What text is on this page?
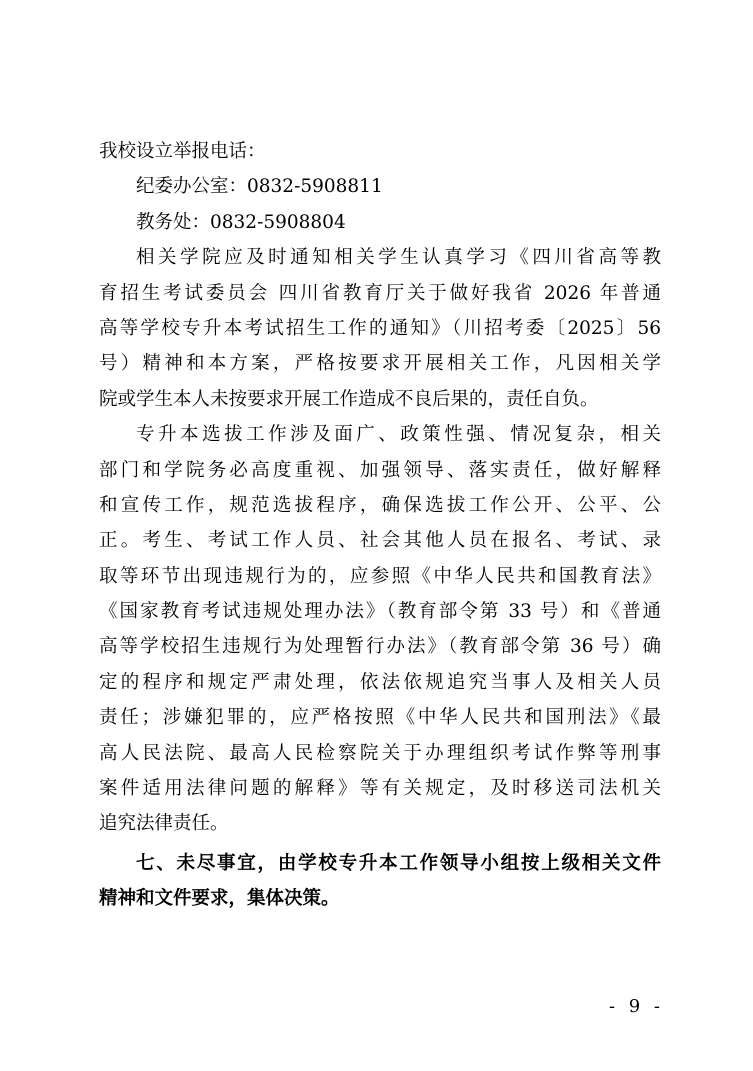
我校设立举报电话：
纪委办公室：0832-5908811
教务处：0832-5908804
相关学院应及时通知相关学生认真学习《四川省高等教
育招生考试委员会 四川省教育厅关于做好我省 2026 年普通
高等学校专升本考试招生工作的通知》（川招考委〔2025〕56
号）精神和本方案，严格按要求开展相关工作，凡因相关学
院或学生本人未按要求开展工作造成不良后果的，责任自负。
专升本选拔工作涉及面广、政策性强、情况复杂，相关
部门和学院务必高度重视、加强领导、落实责任，做好解释
和宣传工作，规范选拔程序，确保选拔工作公开、公平、公
正。考生、考试工作人员、社会其他人员在报名、考试、录
取等环节出现违规行为的，应参照《中华人民共和国教育法》
《国家教育考试违规处理办法》（教育部令第 33 号）和《普通
高等学校招生违规行为处理暂行办法》（教育部令第 36 号）确
定的程序和规定严肃处理，依法依规追究当事人及相关人员
责任；涉嫌犯罪的，应严格按照《中华人民共和国刑法》《最
高人民法院、最高人民检察院关于办理组织考试作弊等刑事
案件适用法律问题的解释》等有关规定，及时移送司法机关
追究法律责任。
七、未尽事宜，由学校专升本工作领导小组按上级相关文件
精神和文件要求，集体决策。
- 9 -
